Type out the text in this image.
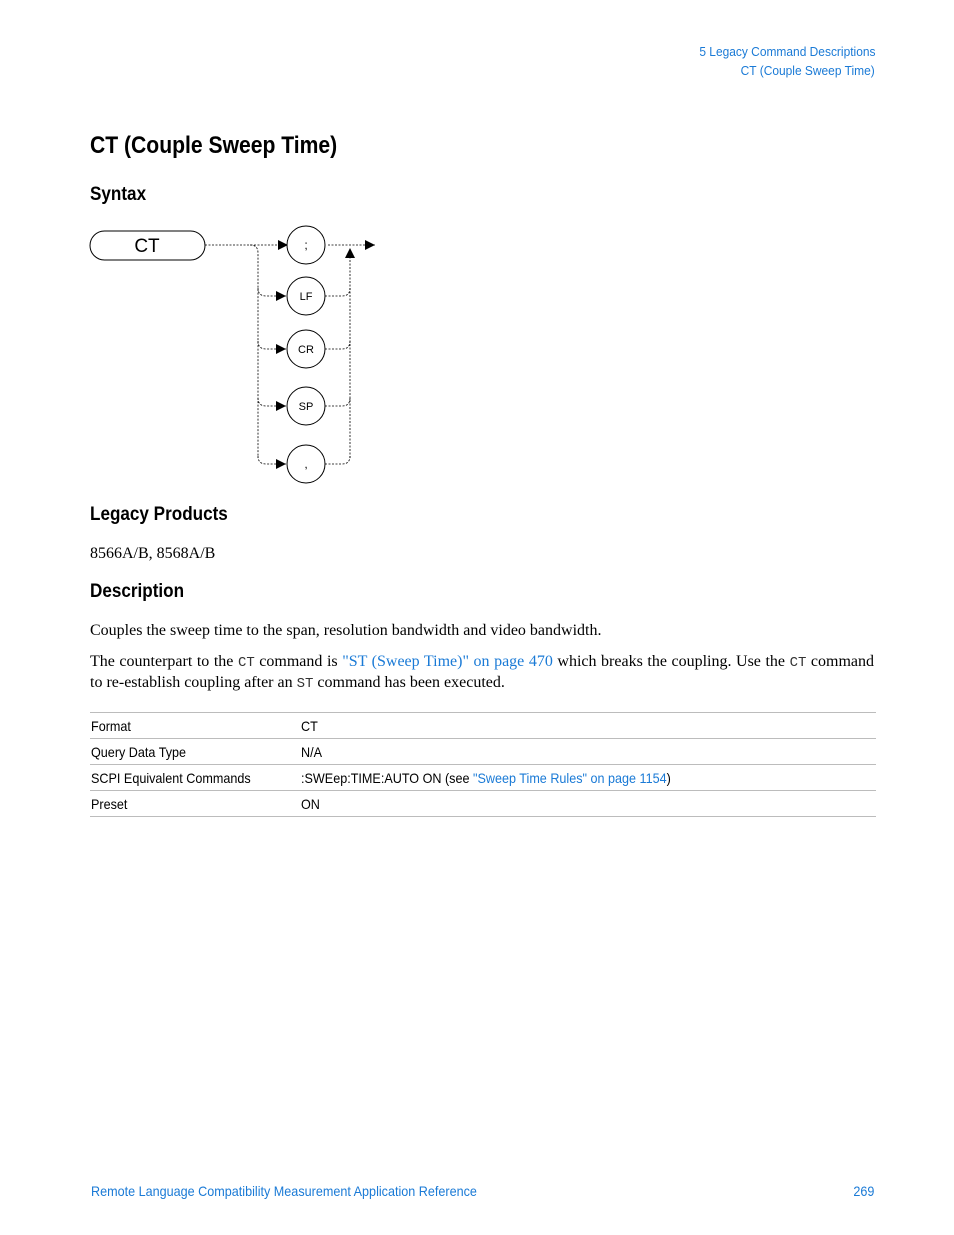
5 Legacy Command Descriptions
CT (Couple Sweep Time)
CT (Couple Sweep Time)
Syntax
CT	;
LF
CR
SP
,
Legacy Products

8566A/B, 8568A/B

Description

Couples the sweep time to the span, resolution bandwidth and video bandwidth.

The counterpart to the CT command is "ST (Sweep Time)" on page 470 which breaks the coupling. Use the CT command to re-establish coupling after an ST command has been executed.

Format	CT
Query Data Type	N/A
SCPI Equivalent Commands	:SWEep:TIME:AUTO ON (see "Sweep Time Rules" on page 1154)
Preset	ON
Remote Language Compatibility Measurement Application Reference	269
